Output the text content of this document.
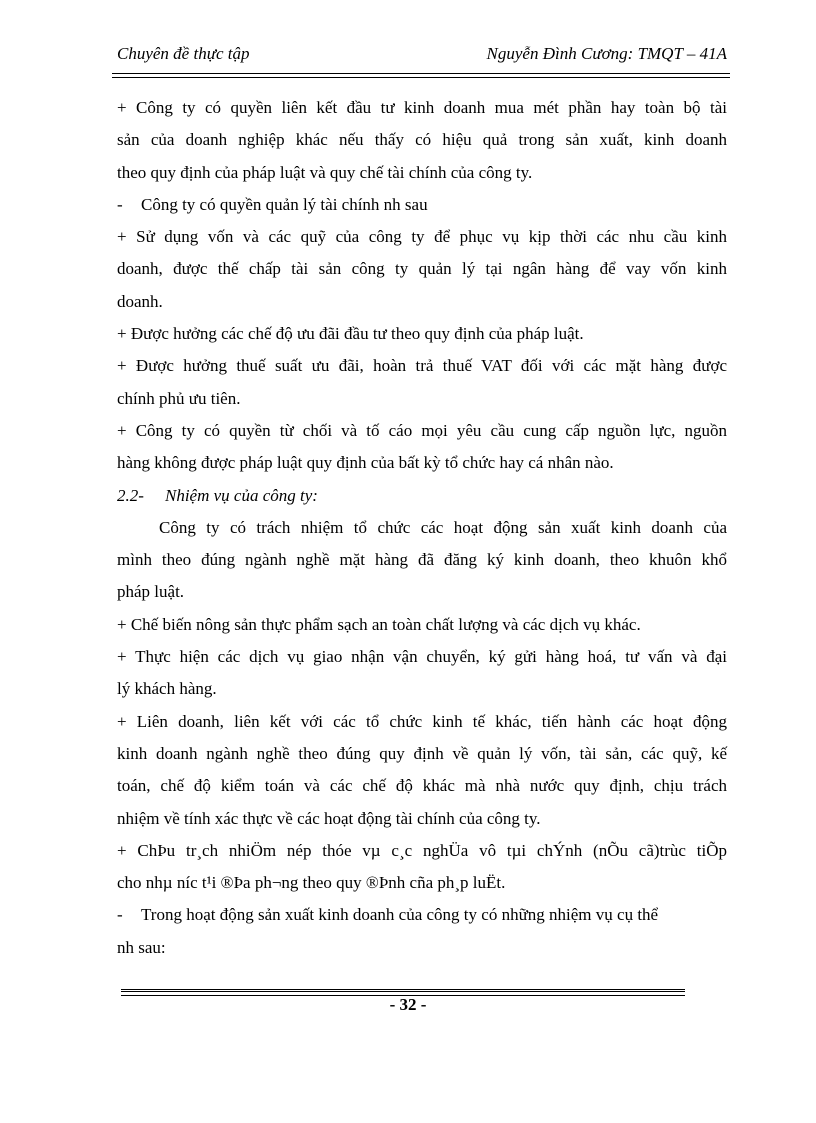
Chuyên đề thực tập	Nguyễn Đình Cương: TMQT – 41A
+ Công ty có quyền liên kết đầu tư kinh doanh mua mét phần hay toàn bộ tài
sản của doanh nghiệp khác nếu thấy có hiệu quả trong sản xuất, kinh doanh
theo quy định của pháp luật và quy chế tài chính của công ty.
- Công ty có quyền quản lý tài chính nh sau
+ Sử dụng vốn và các quỹ của công ty để phục vụ kịp thời các nhu cầu kinh
doanh, được thế chấp tài sản công ty quản lý tại ngân hàng để vay vốn kinh
doanh.
+ Được hưởng các chế độ ưu đãi đầu tư theo quy định của pháp luật.
+ Được hưởng thuế suất ưu đãi, hoàn trả thuế VAT đối với các mặt hàng được
chính phủ ưu tiên.
+ Công ty có quyền từ chối và tố cáo mọi yêu cầu cung cấp nguồn lực, nguồn
hàng không được pháp luật quy định của bất kỳ tổ chức hay cá nhân nào.
2.2- Nhiệm vụ của công ty:
Công ty có trách nhiệm tổ chức các hoạt động sản xuất kinh doanh của
mình theo đúng ngành nghề mặt hàng đã đăng ký kinh doanh, theo khuôn khổ
pháp luật.
+ Chế biến nông sản thực phẩm sạch an toàn chất lượng và các dịch vụ khác.
+ Thực hiện các dịch vụ giao nhận vận chuyển, ký gửi hàng hoá, tư vấn và đại
lý khách hàng.
+ Liên doanh, liên kết với các tổ chức kinh tế khác, tiến hành các hoạt động
kinh doanh ngành nghề theo đúng quy định về quản lý vốn, tài sản, các quỹ, kế
toán, chế độ kiểm toán và các chế độ khác mà nhà nước quy định, chịu trách
nhiệm về tính xác thực về các hoạt động tài chính của công ty.
+ ChÞu tr¸ch nhiÖm nép thóe vµ c¸c nghÜa vô tµi chÝnh (nÕu cã)trùc tiÕp
cho nhµ níc t¹i ®Þa ph¬ng theo quy ®Þnh cña ph¸p luËt.
- Trong hoạt động sản xuất kinh doanh của công ty có những nhiệm vụ cụ thể
nh sau:
- 32 -
